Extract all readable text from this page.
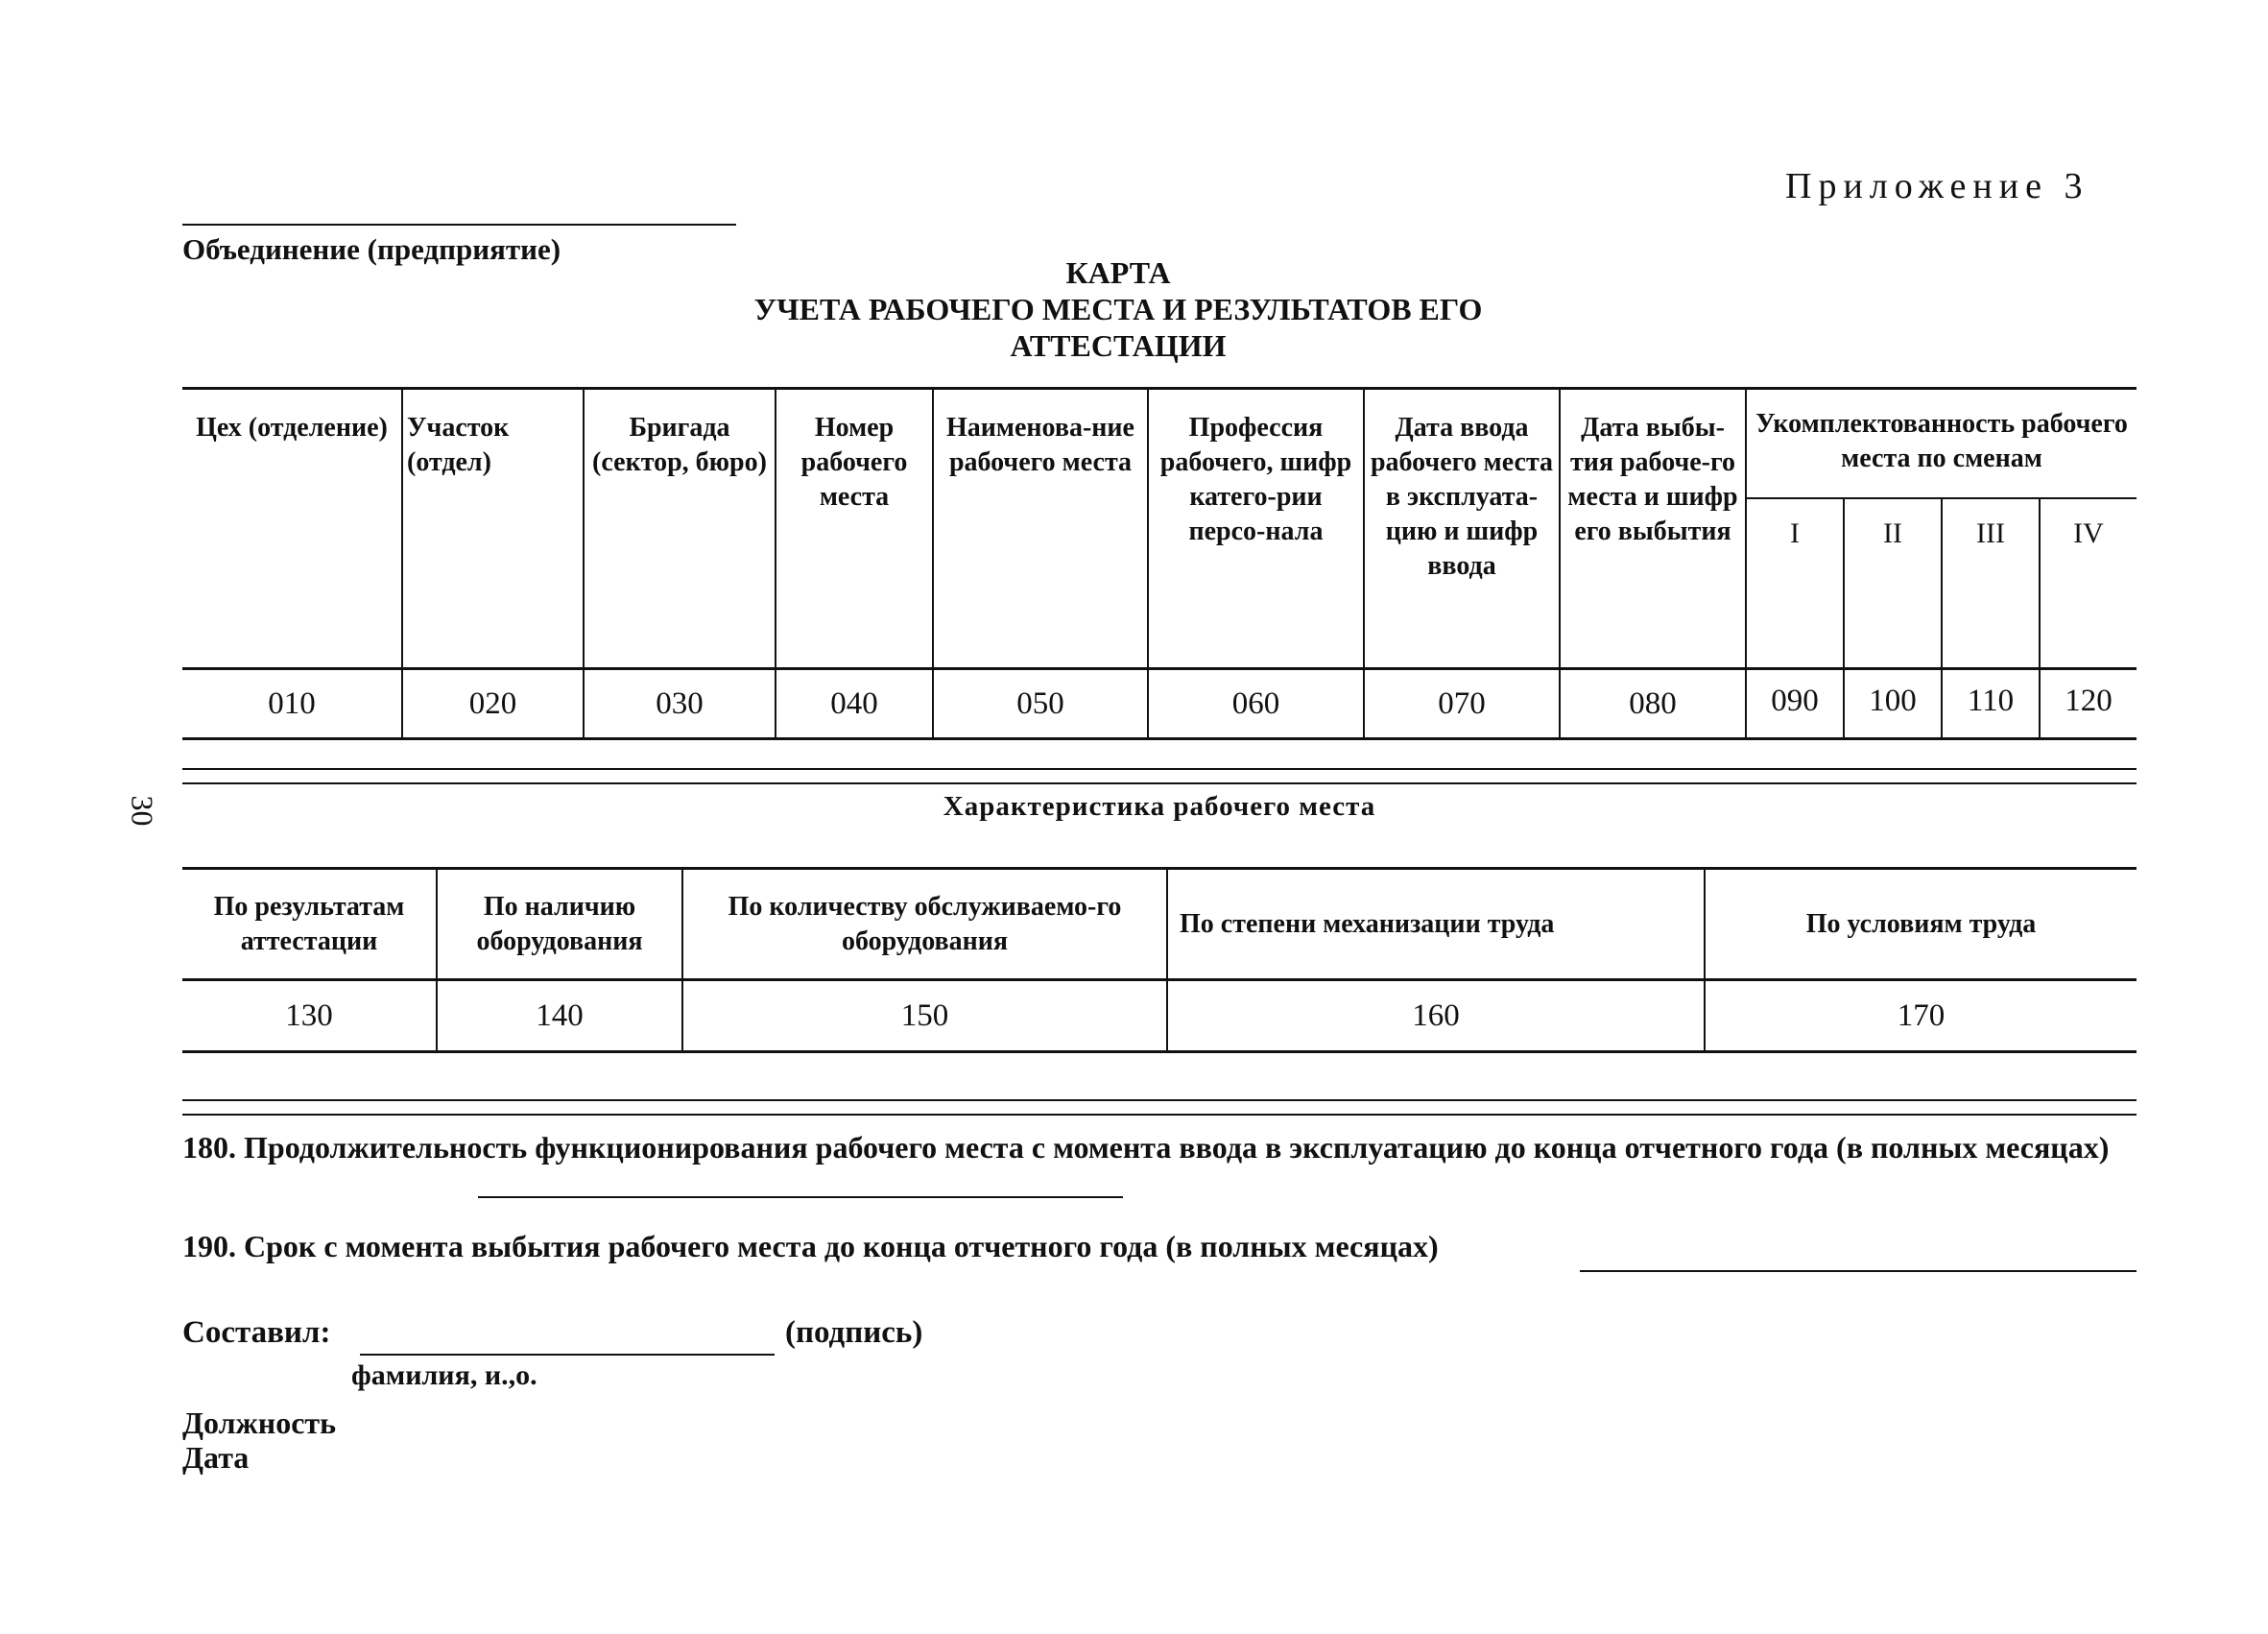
Приложение 3
Объединение (предприятие)
КАРТА
УЧЕТА РАБОЧЕГО МЕСТА И РЕЗУЛЬТАТОВ ЕГО
АТТЕСТАЦИИ
30
Цех (отделение)	Участок (отдел)	Бригада (сектор, бюро)	Номер рабочего места	Наименова-ние рабочего места	Профессия рабочего, шифр катего-рии персо-нала	Дата ввода рабочего места в эксплуата-цию и шифр ввода	Дата выбы-тия рабоче-го места и шифр его выбытия	Укомплектованность рабочего места по сменам
I II III IV

010	020	030	040	050	060	070	080	090 100 110 120
Характеристика рабочего места
По результатам аттестации	По наличию оборудования	По количеству обслуживаемо-го оборудования	По степени механизации труда	По условиям труда
130	140	150	160	170
180. Продолжительность функционирования рабочего места с момента ввода в эксплуатацию до конца отчетного года (в полных месяцах)
190. Срок с момента выбытия рабочего места до конца отчетного года (в полных месяцах)
Составил:	(подпись)
фамилия, и.,о.
Должность
Дата
